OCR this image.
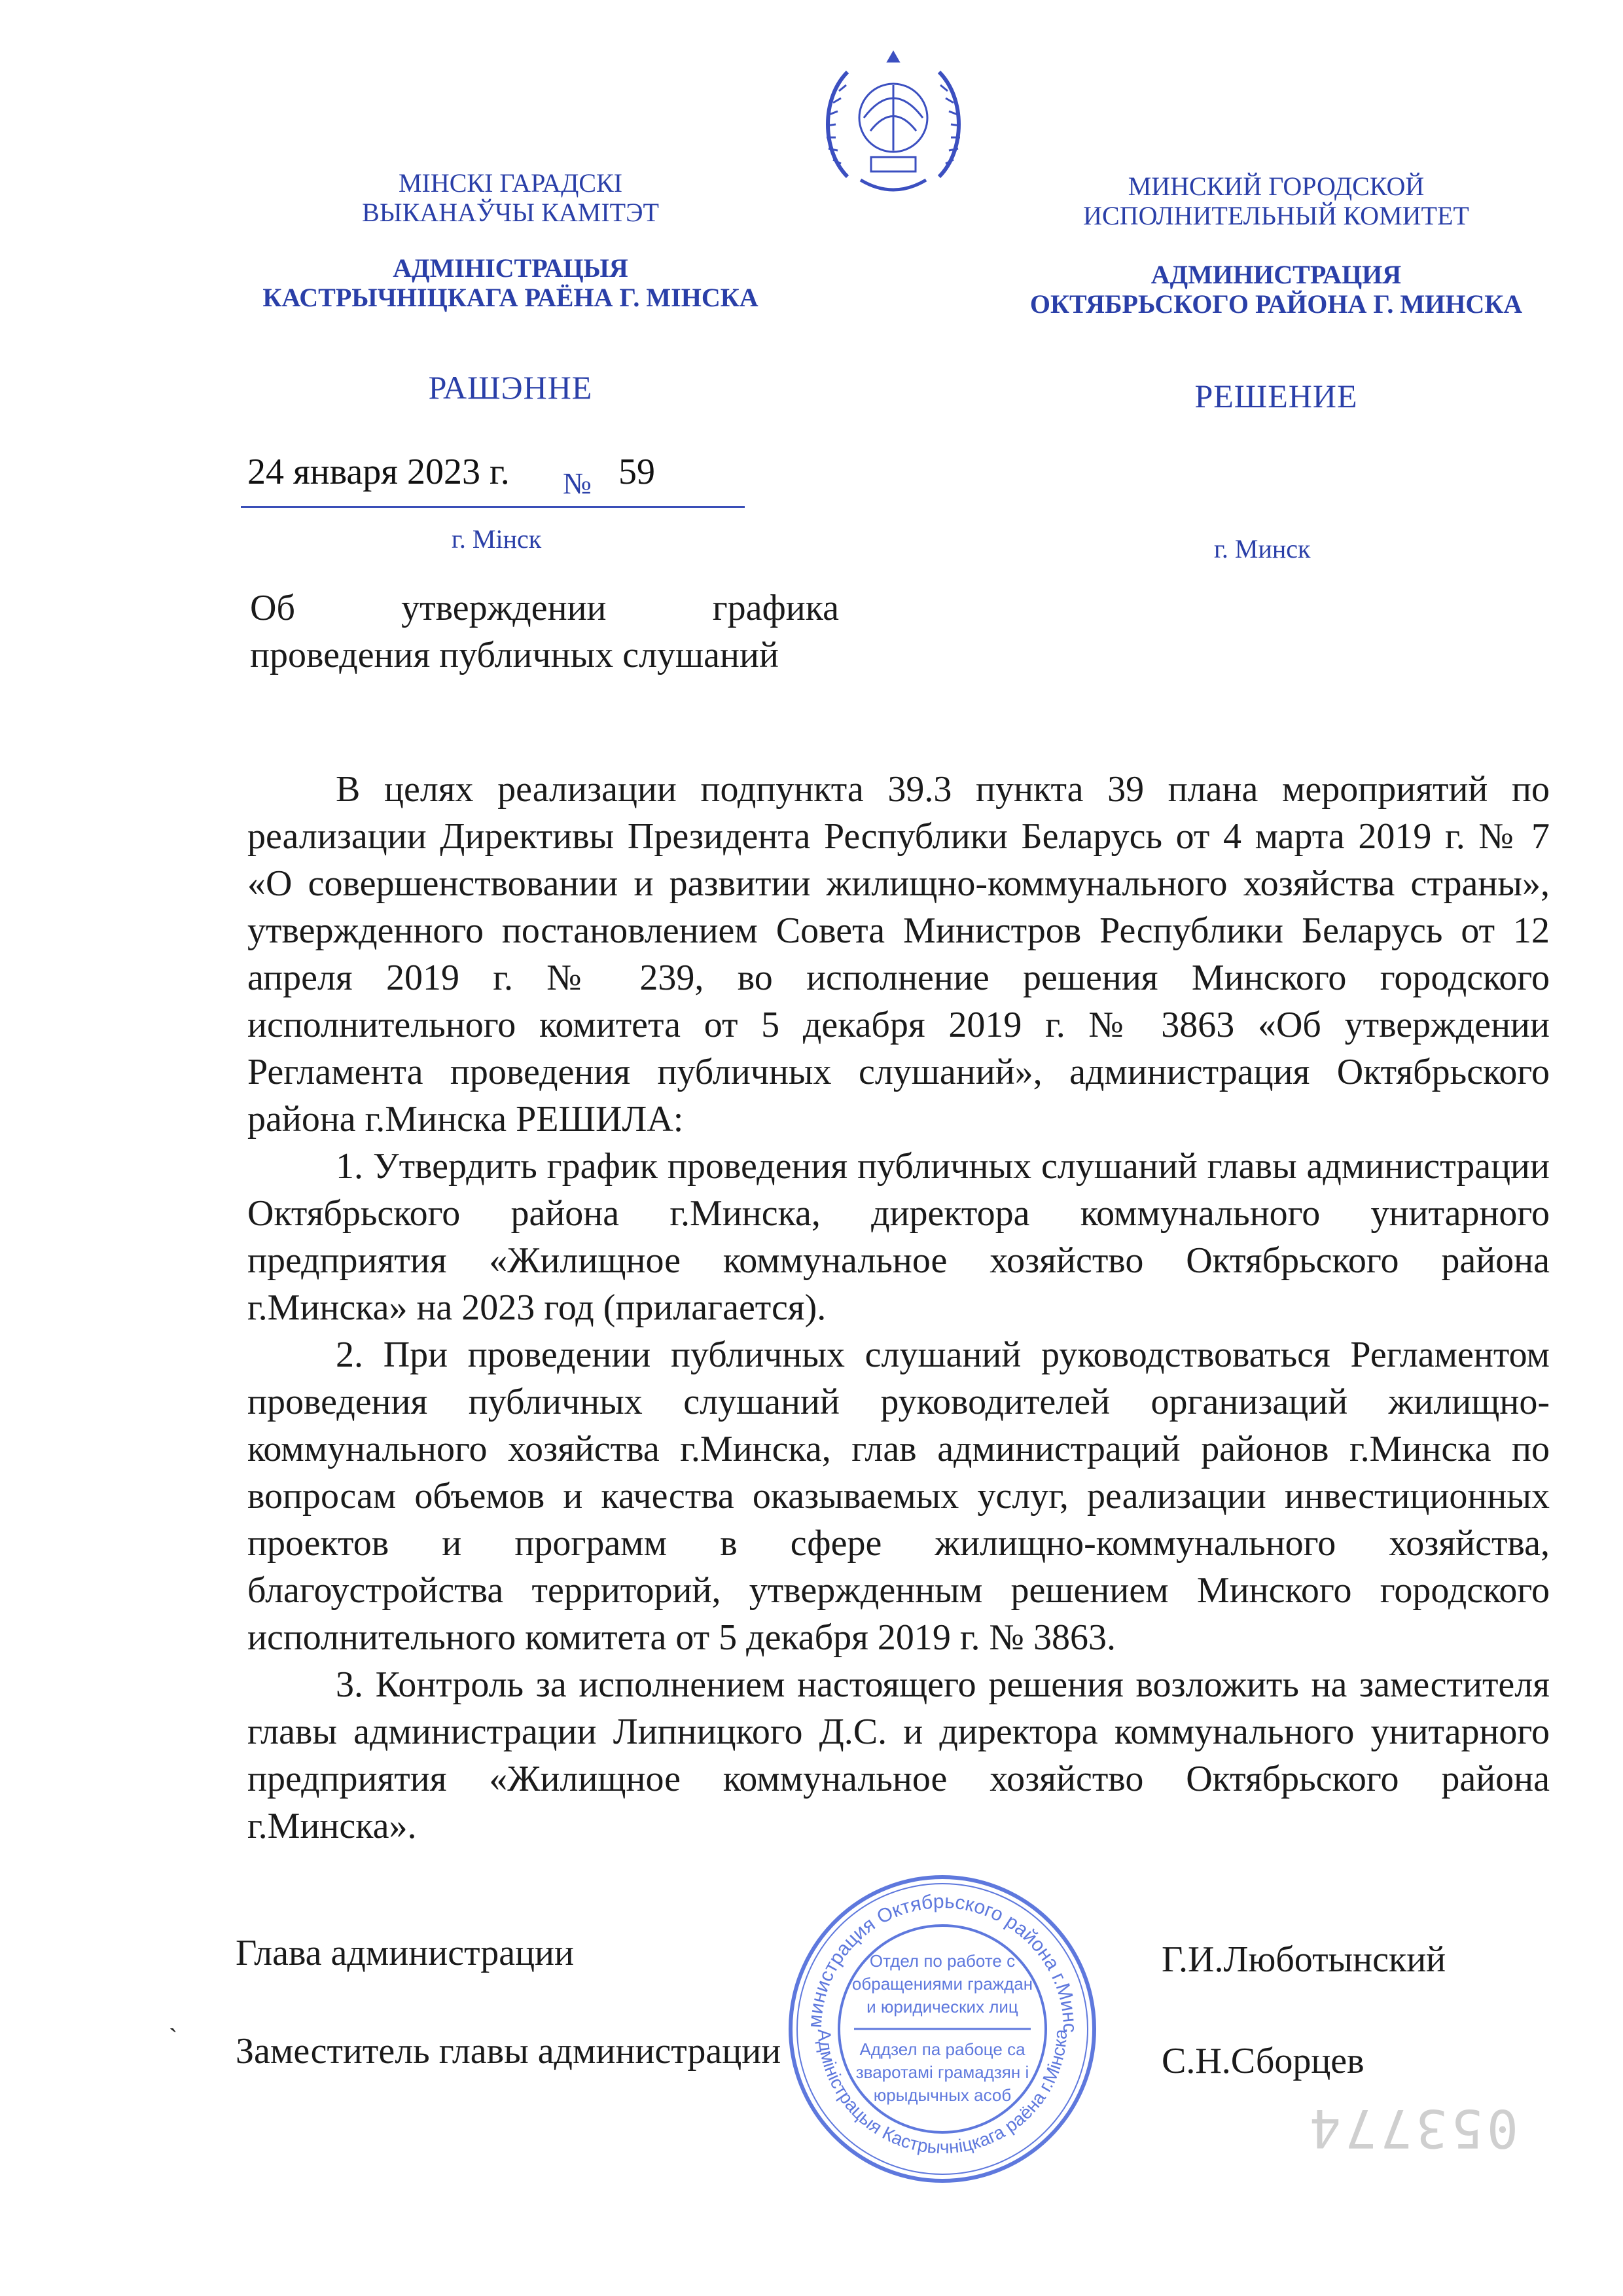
МІНСКІ ГАРАДСКІ
ВЫКАНАЎЧЫ КАМІТЭТ
АДМІНІСТРАЦЫЯ
КАСТРЫЧНІЦКАГА РАЁНА Г. МІНСКА
РАШЭННЕ
МИНСКИЙ ГОРОДСКОЙ
ИСПОЛНИТЕЛЬНЫЙ КОМИТЕТ
АДМИНИСТРАЦИЯ
ОКТЯБРЬСКОГО РАЙОНА Г. МИНСКА
РЕШЕНИЕ
24 января 2023 г. № 59
г. Мінск	г. Минск
Об утверждении графика
проведения публичных слушаний

В целях реализации подпункта 39.3 пункта 39 плана мероприятий по реализации Директивы Президента Республики Беларусь от 4 марта 2019 г. № 7 «О совершенствовании и развитии жилищно-коммунального хозяйства страны», утвержденного постановлением Совета Министров Республики Беларусь от 12 апреля 2019 г. № 239, во исполнение решения Минского городского исполнительного комитета от 5 декабря 2019 г. № 3863 «Об утверждении Регламента проведения публичных слушаний», администрация Октябрьского района г.Минска РЕШИЛА:

1. Утвердить график проведения публичных слушаний главы администрации Октябрьского района г.Минска, директора коммунального унитарного предприятия «Жилищное коммунальное хозяйство Октябрьского района г.Минска» на 2023 год (прилагается).

2. При проведении публичных слушаний руководствоваться Регламентом проведения публичных слушаний руководителей организаций жилищно-коммунального хозяйства г.Минска, глав администраций районов г.Минска по вопросам объемов и качества оказываемых услуг, реализации инвестиционных проектов и программ в сфере жилищно-коммунального хозяйства, благоустройства территорий, утвержденным решением Минского городского исполнительного комитета от 5 декабря 2019 г. № 3863.

3. Контроль за исполнением настоящего решения возложить на заместителя главы администрации Липницкого Д.С. и директора коммунального унитарного предприятия «Жилищное коммунальное хозяйство Октябрьского района г.Минска».

Глава администрации	Г.И.Люботынский
Заместитель главы администрации	С.Н.Сборцев
`
министрация Октябрьского района г.Минс
Адміністрацыя Кастрычніцкага раёна г.Мінска
Отдел по работе с
обращениями граждан
и юридических лиц
Аддзел па рабоце са
зваротамі грамадзян і
юрыдычных асоб
053774
